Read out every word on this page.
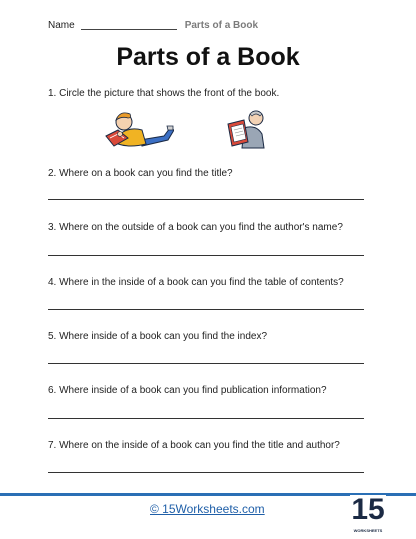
Name	Parts of a Book
Parts of a Book
1. Circle the picture that shows the front of the book.
2. Where on a book can you find the title?
3. Where on the outside of a book can you find the author's name?
4. Where in the inside of a book can you find the table of contents?
5. Where inside of a book can you find the index?
6. Where inside of a book can you find publication information?
7. Where on the inside of a book can you find the title and author?
© 15Worksheets.com	15
WORKSHEETS
